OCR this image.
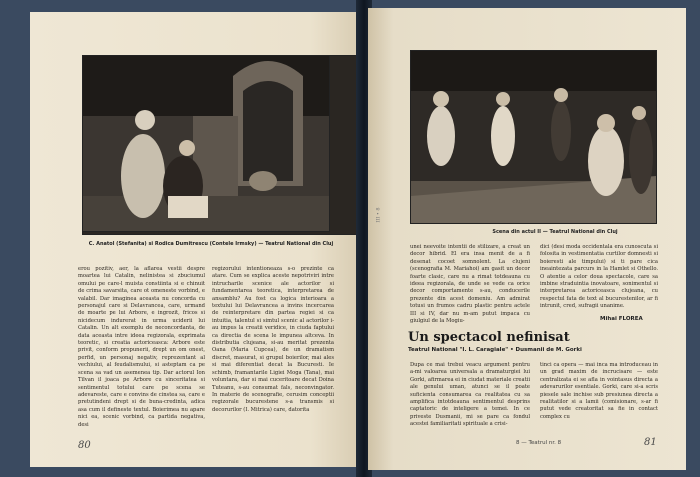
C. Anatol (Stefanita) si Rodica Dumitrescu (Contele Irmsky) — Teatrul National din Cluj

erou pozitiv, aer, la aflarea vestii despre moartea lui Catalin, nelinistea si zbuciumul omului pe care-l muista constiinta si e chinuit de crima savarsita, care ot omeneste vorbind, e valabil. Dar imaginea aceasta nu concorda cu personajul care si Delavrancea, care, urmand de moarte pe lui Arbore, e ingrozit, fricos si nicidecum indurerat in urma uciderii lui Catalin. Un alt exemplu de neconcordanta, de data aceasta intre ideea regizorala, exprimata teoretic, si creatia actoriceasca: Arbore este privit, conform propunerii, drept un om onest, perfid, un personaj negativ, reprezentant al vechiului, al feudalismului, si asteptam ca pe scena sa vad un asemenea tip. Dar actorul Ion Tilvan il joaca pe Arbore cu sinceritatea si sentimentul totului care pe scena se adevareste, care e convins de cinstea sa, care e pretutindeni drept si de buna-credinta, adica asa cum il defineste textul. Boierimea nu apare nici ea, scenic vorbind, ca partida negativa, desi

regizorului intentioneaza s-o prezinte ca atare. Cum se explica aceste nepotriviri intre intrucharile scenice ale actorilor si fundamentarea teoretica, interpretarea de ansamblu? Au fost ca logica interioara a textului lui Delavrancea a invins incercarea de reinterpretare din partea regiei si ca intuitia, talentul si simtul scenic al actorilor i-au impus la creatii veridice, in ciuda faptului ca directia de scena le impunea altceva. In distributia clujeana, si-au meritat prezenta Oana (Maria Cupcea), de un dramatism discret, masurat, si grupul boierilor, mai ales si mai diferentiat decat la Bucuresti. Ie schimb, framantarile Ligiei Moga (Tana), mai voluntara, dar si mai cuceritoare decat Doina Tuteanu, s-au consumat fals, neconvingator. In materie de scenografie, cerusim conceptii regizorale bucurestene s-a transmis si decorurilor (I. Mitrica) care, datorita

80
Scena din actul II — Teatrul National din Cluj
III • 8

unei neevoite intentii de stilizare, a creat un decor hibrid. El era insa menit de a fi desenat cocoet somnolent. La clujeni (scenografia M. Mariahoi) am gasit un decor foarte clasic, care nu a rimat totdeauna cu ideea regizorala, de unde se vede ca orice decor comportamente s-au, conducerile prezente din acest domeniu. Am admirat totusi un frumos cadru plastic pentru actele III si IV, dar nu m-am putut impaca cu giulgiul de la Mogiu-

dici (desi moda occidentala era cunoscuta si folosita in vestimentatia curtilor domnesti si boieresti ale timpului) si ti pare cica ineaintezata parcurs in la Hamlet si Othello. O atentie a celor doua spectacole, care sa imbine straduintia inovatoare, sonimentul si interpretarea actoriceasca clujeana, cu respectul fata de text al bucurestenilor, ar fi intrunit, cred, sufragii unanime.

Mihai FLOREA
Un spectacol nefinisat
Teatrul National "I. L. Caragiale" • Dusmanii de M. Gorki

Dupa ce mai trebui veacu argument pentru a-mi valoarea universala a dramaturgiei lui Gorki, afirmarea ei in ciudat materiale creatii ale genului uman, atunci se il poate suficienta consumarea ca realitatea cu sa amplifica intotdeauna sentimentul desprins captatoric de inteligere a temei. In ce priveste Dusmanii, mi se pare ca fondul acestei familiaritati spirituale a crisi-

tinci ca opera — mai inca ma introduceau in un grad maxim de incrucisare — este centralizata ei se afla in vointasus directa a adevarurilor esentiale. Gorki, care si-a scris piesele sale inchise sub presiunea directa a realitatilor si a lamii (comisionare, s-ar fi putut vede creatoritat sa fie in contact complex cu

8 — Teatrul nr. 8	81
